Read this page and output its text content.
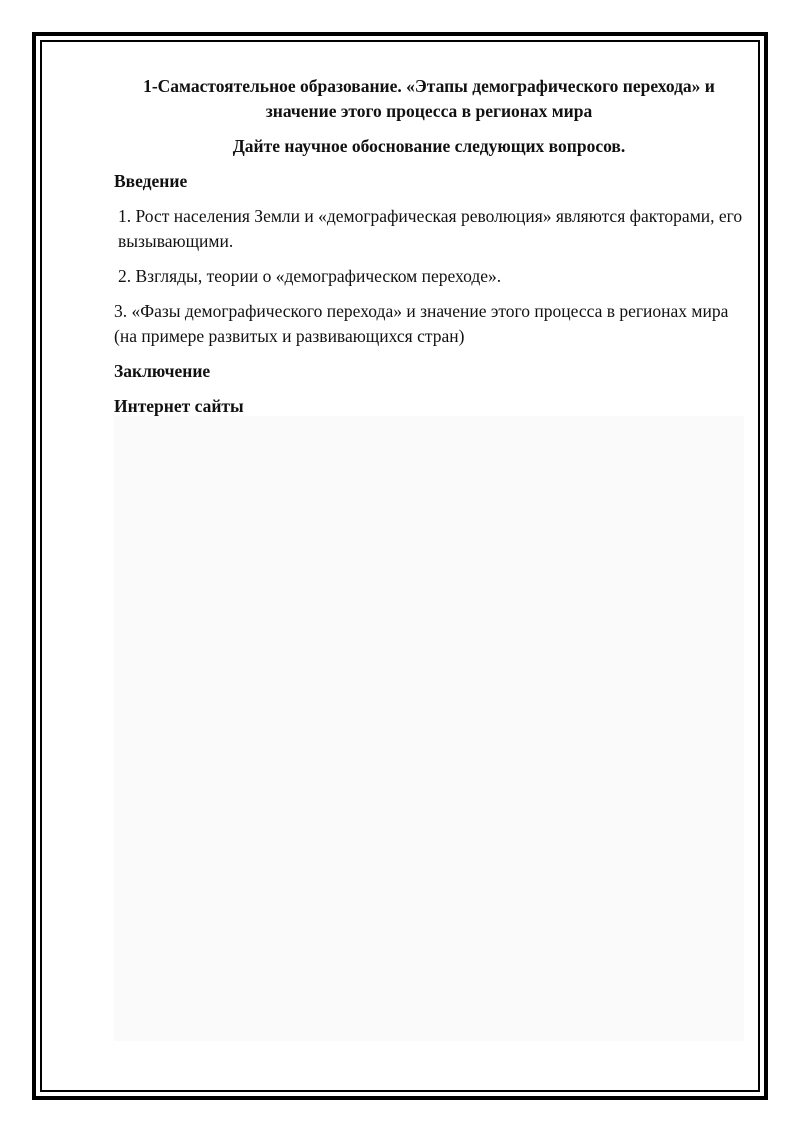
1-Самастоятельное образование. «Этапы демографического перехода» и значение этого процесса в регионах мира

Дайте научное обоснование следующих вопросов.

Введение

1. Рост населения Земли и «демографическая революция» являются факторами, его вызывающими.

2. Взгляды, теории о «демографическом переходе».

3. «Фазы демографического перехода» и значение этого процесса в регионах мира (на примере развитых и развивающихся стран)

Заключение

Интернет сайты
